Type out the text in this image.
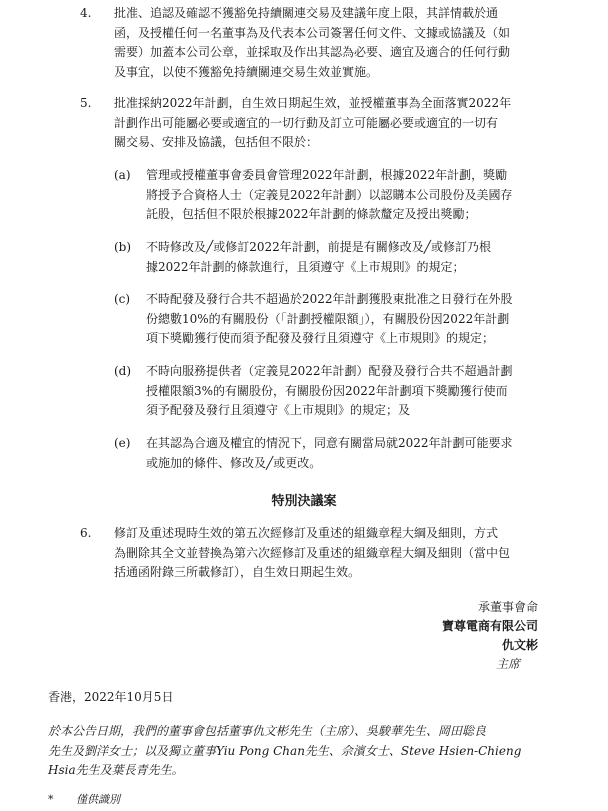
4. 批准、追認及確認不獲豁免持續關連交易及建議年度上限，其詳情載於通
函，及授權任何一名董事為及代表本公司簽署任何文件、文據或協議及（如
需要）加蓋本公司公章，並採取及作出其認為必要、適宜及適合的任何行動
及事宜，以使不獲豁免持續關連交易生效並實施。
5. 批准採納2022年計劃，自生效日期起生效，並授權董事為全面落實2022年
計劃作出可能屬必要或適宜的一切行動及訂立可能屬必要或適宜的一切有
關交易、安排及協議，包括但不限於：
(a) 管理或授權董事會委員會管理2022年計劃，根據2022年計劃，獎勵
將授予合資格人士（定義見2022年計劃）以認購本公司股份及美國存
託股，包括但不限於根據2022年計劃的條款釐定及授出獎勵；
(b) 不時修改及╱或修訂2022年計劃，前提是有關修改及╱或修訂乃根
據2022年計劃的條款進行，且須遵守《上市規則》的規定；
(c) 不時配發及發行合共不超過於2022年計劃獲股東批准之日發行在外股
份總數10%的有關股份（「計劃授權限額」），有關股份因2022年計劃
項下獎勵獲行使而須予配發及發行且須遵守《上市規則》的規定；
(d) 不時向服務提供者（定義見2022年計劃）配發及發行合共不超過計劃
授權限額3%的有關股份，有關股份因2022年計劃項下獎勵獲行使而
須予配發及發行且須遵守《上市規則》的規定；及
(e) 在其認為合適及權宜的情況下，同意有關當局就2022年計劃可能要求
或施加的條件、修改及╱或更改。
特別決議案
6. 修訂及重述現時生效的第五次經修訂及重述的組織章程大綱及細則，方式
為刪除其全文並替換為第六次經修訂及重述的組織章程大綱及細則（當中包
括通函附錄三所載修訂），自生效日期起生效。
承董事會命
寶尊電商有限公司
仇文彬
主席
香港，2022年10月5日
於本公告日期，我們的董事會包括董事仇文彬先生（主席）、吳駿華先生、岡田聡良
先生及劉洋女士；以及獨立董事Yiu Pong Chan先生、佘濱女士、Steve Hsien-Chieng
Hsia先生及葉長青先生。
* 僅供識別
